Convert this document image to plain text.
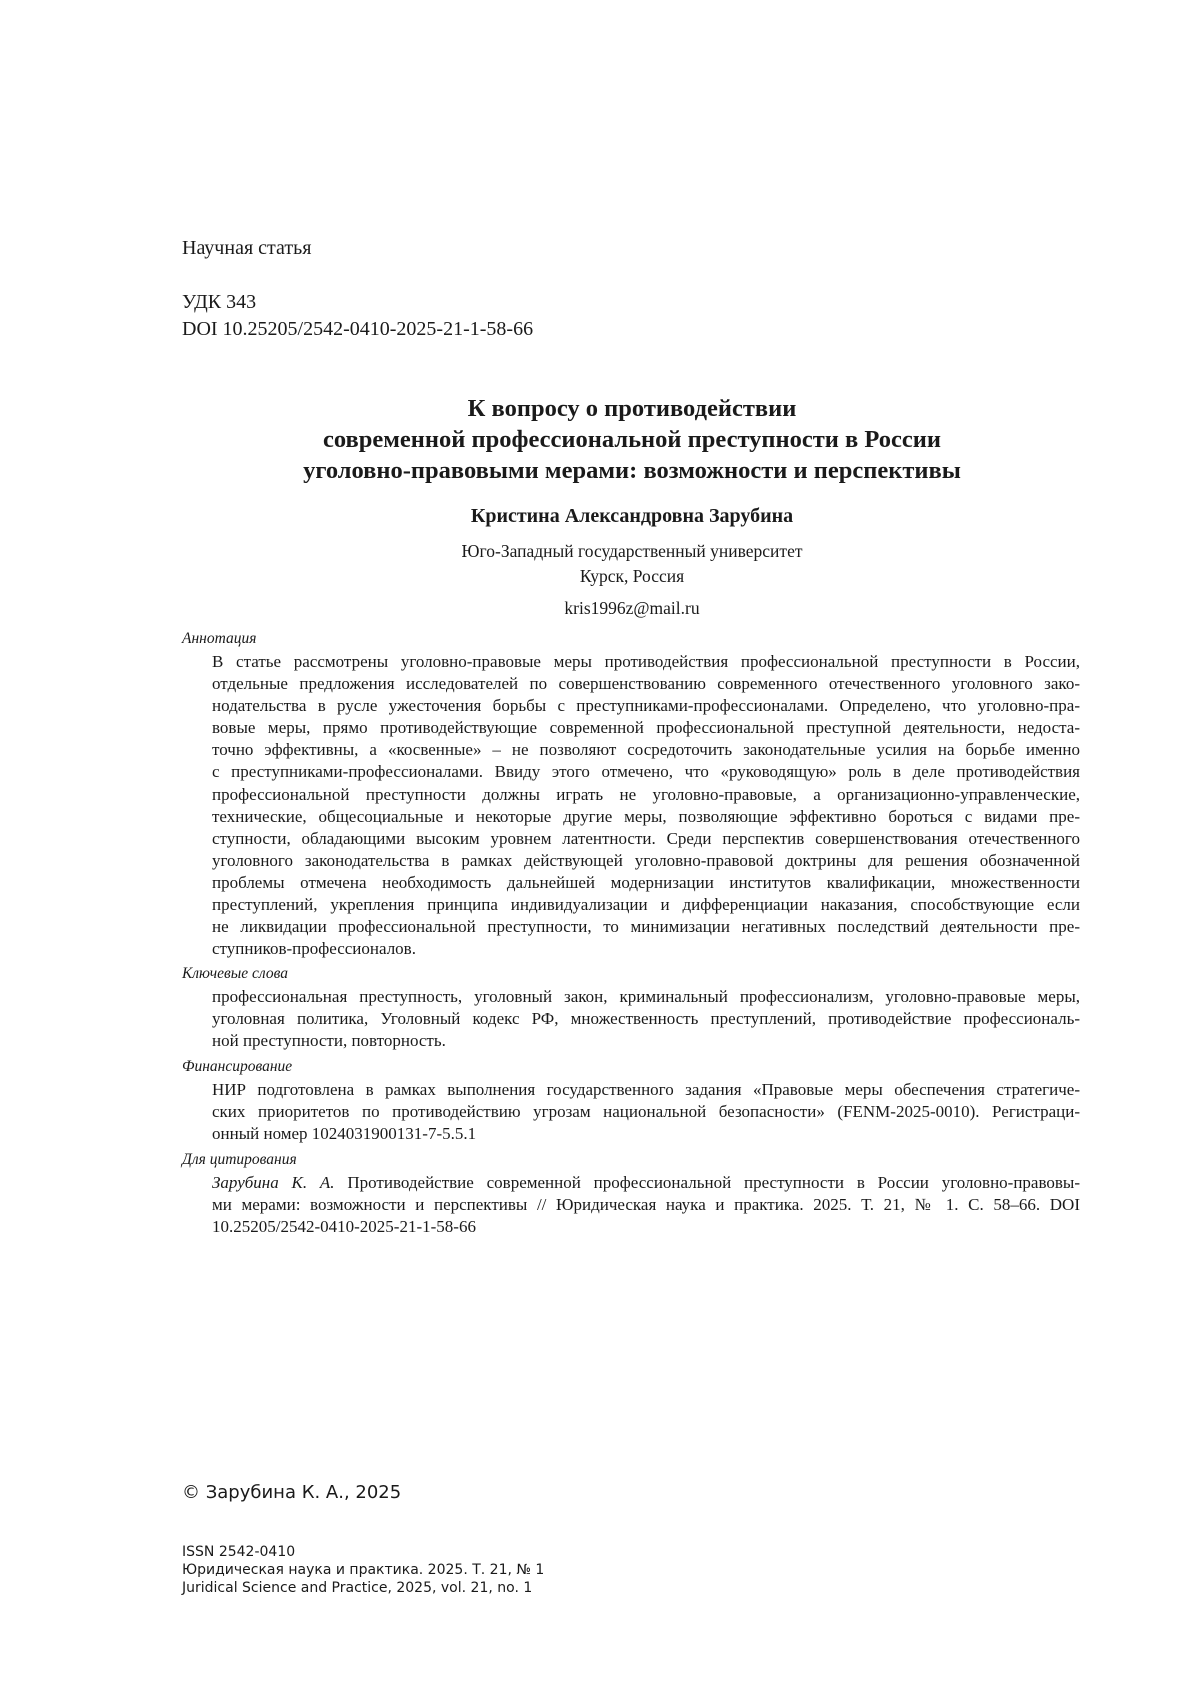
Научная статья
УДК 343
DOI 10.25205/2542-0410-2025-21-1-58-66
К вопросу о противодействии
современной профессиональной преступности в России
уголовно-правовыми мерами: возможности и перспективы
Кристина Александровна Зарубина
Юго-Западный государственный университет
Курск, Россия
kris1996z@mail.ru
Аннотация
В статье рассмотрены уголовно-правовые меры противодействия профессиональной преступности в России,
отдельные предложения исследователей по совершенствованию современного отечественного уголовного зако-
нодательства в русле ужесточения борьбы с преступниками-профессионалами. Определено, что уголовно-пра-
вовые меры, прямо противодействующие современной профессиональной преступной деятельности, недоста-
точно эффективны, а «косвенные» – не позволяют сосредоточить законодательные усилия на борьбе именно
с преступниками-профессионалами. Ввиду этого отмечено, что «руководящую» роль в деле противодействия
профессиональной преступности должны играть не уголовно-правовые, а организационно-управленческие,
технические, общесоциальные и некоторые другие меры, позволяющие эффективно бороться с видами пре-
ступности, обладающими высоким уровнем латентности. Среди перспектив совершенствования отечественного
уголовного законодательства в рамках действующей уголовно-правовой доктрины для решения обозначенной
проблемы отмечена необходимость дальнейшей модернизации институтов квалификации, множественности
преступлений, укрепления принципа индивидуализации и дифференциации наказания, способствующие если
не ликвидации профессиональной преступности, то минимизации негативных последствий деятельности пре-
ступников-профессионалов.
Ключевые слова
профессиональная преступность, уголовный закон, криминальный профессионализм, уголовно-правовые меры,
уголовная политика, Уголовный кодекс РФ, множественность преступлений, противодействие профессиональ-
ной преступности, повторность.
Финансирование
НИР подготовлена в рамках выполнения государственного задания «Правовые меры обеспечения стратегиче-
ских приоритетов по противодействию угрозам национальной безопасности» (FENM-2025-0010). Регистраци-
онный номер 1024031900131-7-5.5.1
Для цитирования
Зарубина К. А. Противодействие современной профессиональной преступности в России уголовно-правовы-
ми мерами: возможности и перспективы // Юридическая наука и практика. 2025. Т. 21, № 1. С. 58–66. DOI
10.25205/2542-0410-2025-21-1-58-66
© Зарубина К. А., 2025
ISSN 2542-0410
Юридическая наука и практика. 2025. Т. 21, № 1
Juridical Science and Practice, 2025, vol. 21, no. 1
